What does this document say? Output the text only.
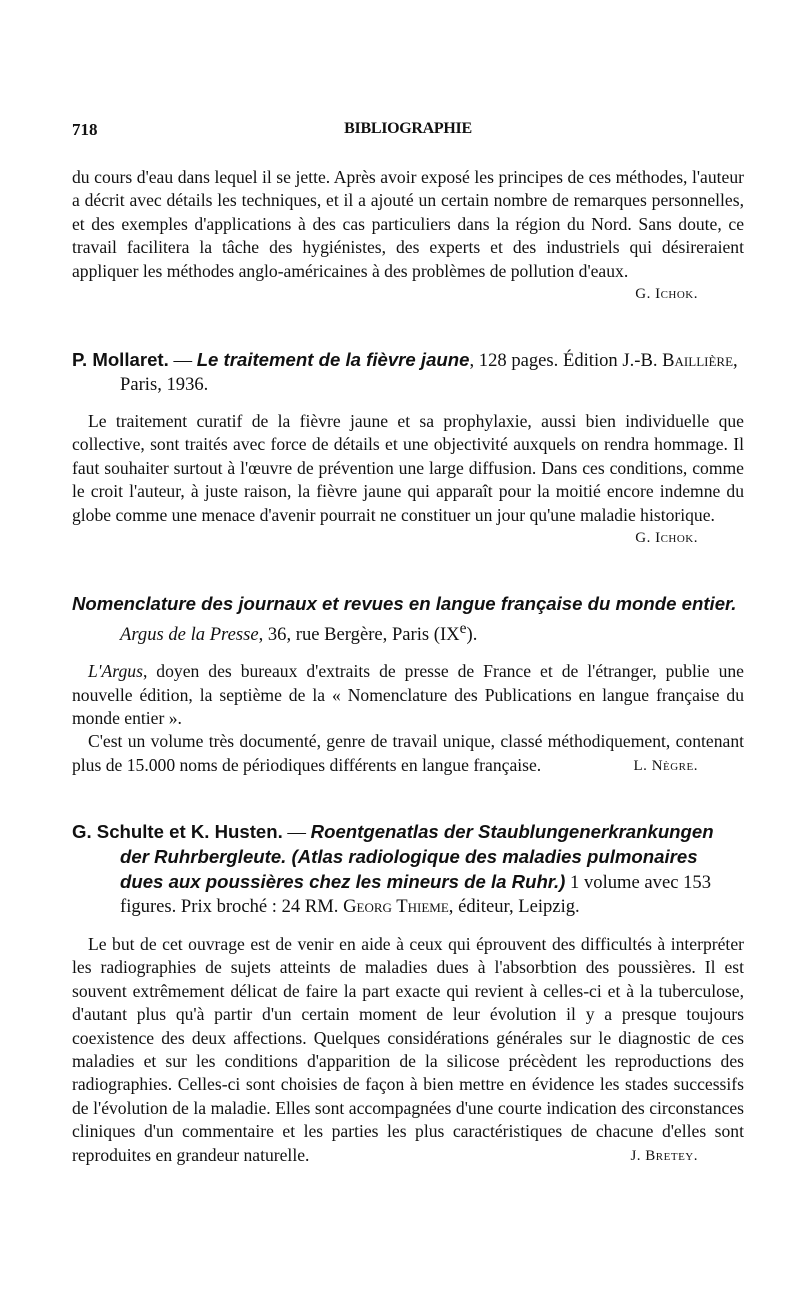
718	BIBLIOGRAPHIE

du cours d'eau dans lequel il se jette. Après avoir exposé les principes de ces méthodes, l'auteur a décrit avec détails les techniques, et il a ajouté un certain nombre de remarques personnelles, et des exemples d'applications à des cas particuliers dans la région du Nord. Sans doute, ce travail facilitera la tâche des hygiénistes, des experts et des industriels qui désireraient appliquer les méthodes anglo-américaines à des problèmes de pollution d'eaux.

G. Ichok.

P. Mollaret. — Le traitement de la fièvre jaune, 128 pages. Édition J.-B. Baillière, Paris, 1936.

Le traitement curatif de la fièvre jaune et sa prophylaxie, aussi bien individuelle que collective, sont traités avec force de détails et une objectivité auxquels on rendra hommage. Il faut souhaiter surtout à l'œuvre de prévention une large diffusion. Dans ces conditions, comme le croit l'auteur, à juste raison, la fièvre jaune qui apparaît pour la moitié encore indemne du globe comme une menace d'avenir pourrait ne constituer un jour qu'une maladie historique.

G. Ichok.

Nomenclature des journaux et revues en langue française du monde entier. Argus de la Presse, 36, rue Bergère, Paris (IXe).

L'Argus, doyen des bureaux d'extraits de presse de France et de l'étranger, publie une nouvelle édition, la septième de la « Nomenclature des Publications en langue française du monde entier ».

C'est un volume très documenté, genre de travail unique, classé méthodiquement, contenant plus de 15.000 noms de périodiques différents en langue française.	L. Nègre.

G. Schulte et K. Husten. — Roentgenatlas der Staublungenerkrankungen der Ruhrbergleute. (Atlas radiologique des maladies pulmonaires dues aux poussières chez les mineurs de la Ruhr.) 1 volume avec 153 figures. Prix broché : 24 RM. Georg Thieme, éditeur, Leipzig.

Le but de cet ouvrage est de venir en aide à ceux qui éprouvent des difficultés à interpréter les radiographies de sujets atteints de maladies dues à l'absorbtion des poussières. Il est souvent extrêmement délicat de faire la part exacte qui revient à celles-ci et à la tuberculose, d'autant plus qu'à partir d'un certain moment de leur évolution il y a presque toujours coexistence des deux affections. Quelques considérations générales sur le diagnostic de ces maladies et sur les conditions d'apparition de la silicose précèdent les reproductions des radiographies. Celles-ci sont choisies de façon à bien mettre en évidence les stades successifs de l'évolution de la maladie. Elles sont accompagnées d'une courte indication des circonstances cliniques d'un commentaire et les parties les plus caractéristiques de chacune d'elles sont reproduites en grandeur naturelle.	J. Bretey.
